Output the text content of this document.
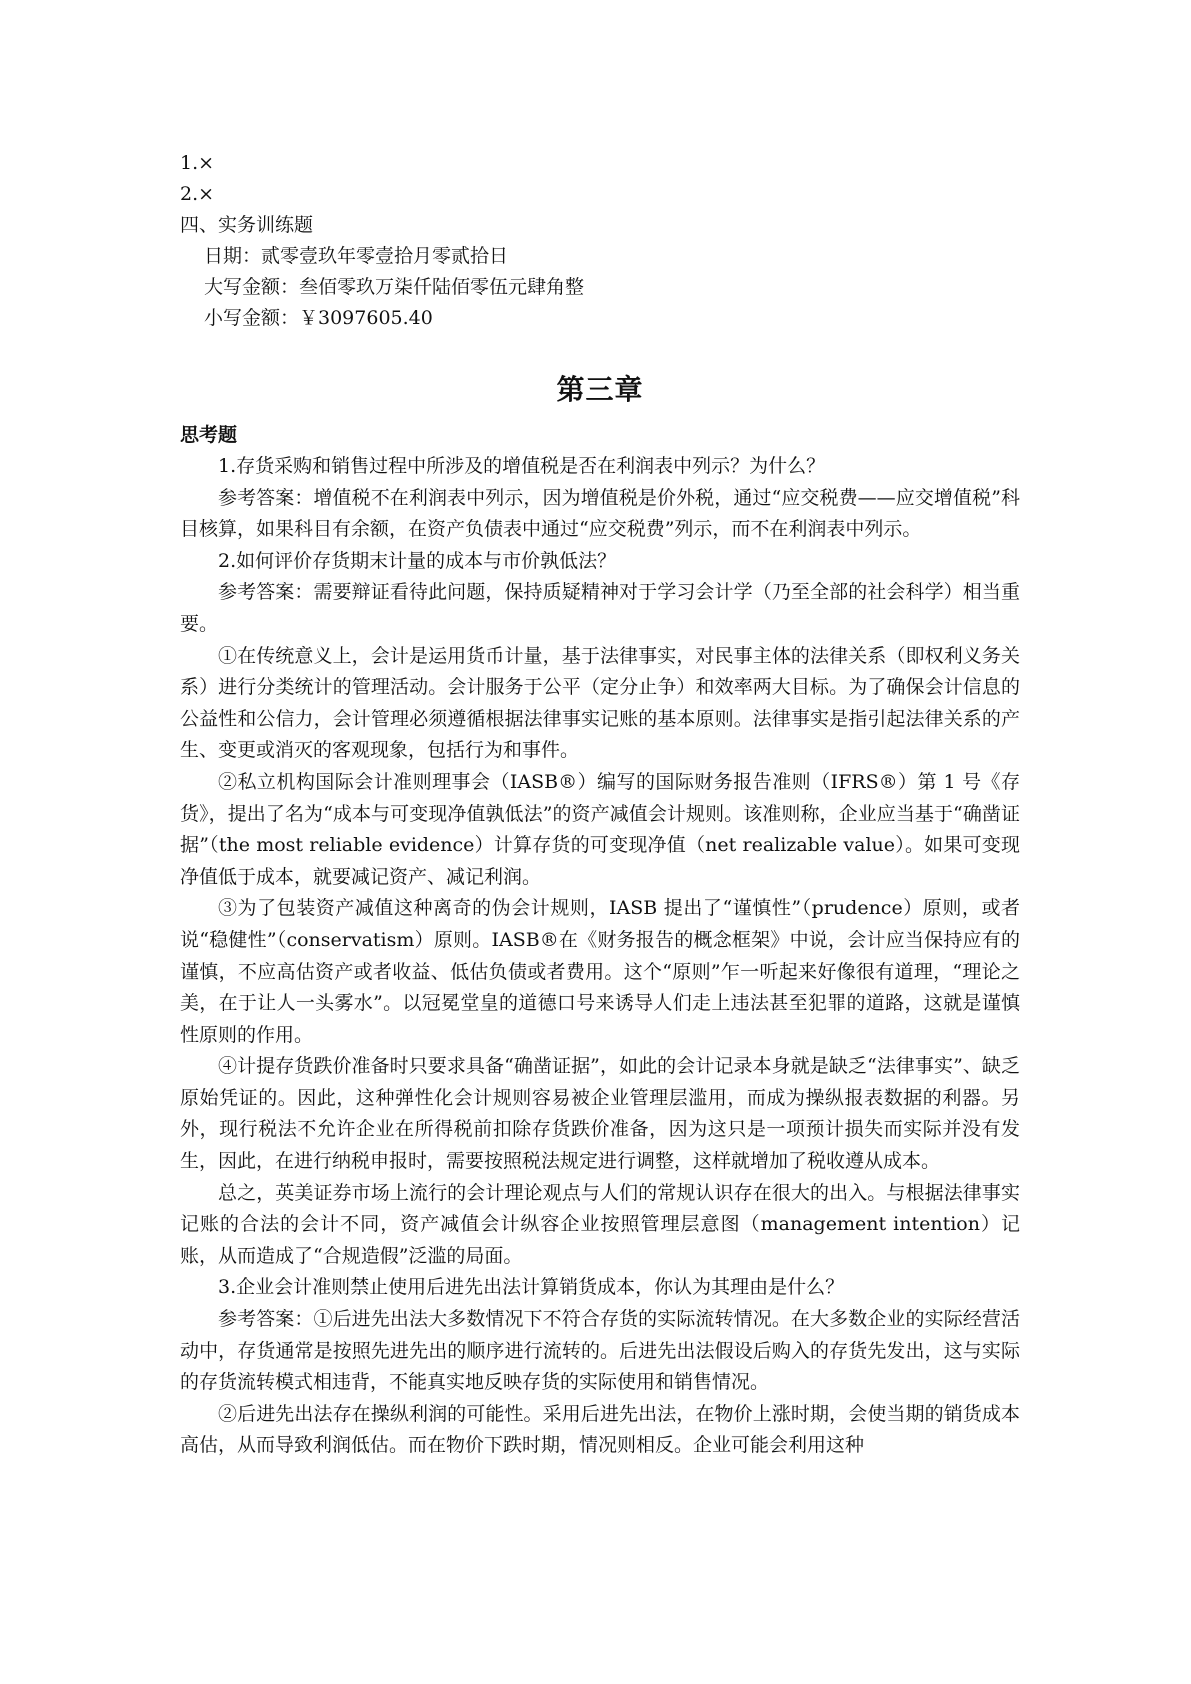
1.×

2.×

四、实务训练题

日期：贰零壹玖年零壹拾月零贰拾日

大写金额：叁佰零玖万柒仟陆佰零伍元肆角整

小写金额：￥3097605.40

第三章

思考题

1.存货采购和销售过程中所涉及的增值税是否在利润表中列示？为什么？

参考答案：增值税不在利润表中列示，因为增值税是价外税，通过“应交税费——应交增值税”科目核算，如果科目有余额，在资产负债表中通过“应交税费”列示，而不在利润表中列示。

2.如何评价存货期末计量的成本与市价孰低法？

参考答案：需要辩证看待此问题，保持质疑精神对于学习会计学（乃至全部的社会科学）相当重要。

①在传统意义上，会计是运用货币计量，基于法律事实，对民事主体的法律关系（即权利义务关系）进行分类统计的管理活动。会计服务于公平（定分止争）和效率两大目标。为了确保会计信息的公益性和公信力，会计管理必须遵循根据法律事实记账的基本原则。法律事实是指引起法律关系的产生、变更或消灭的客观现象，包括行为和事件。

②私立机构国际会计准则理事会（IASB®）编写的国际财务报告准则（IFRS®）第 1 号《存货》，提出了名为“成本与可变现净值孰低法”的资产减值会计规则。该准则称，企业应当基于“确凿证据”（the most reliable evidence）计算存货的可变现净值（net realizable value）。如果可变现净值低于成本，就要减记资产、减记利润。

③为了包装资产减值这种离奇的伪会计规则，IASB 提出了“谨慎性”（prudence）原则，或者说“稳健性”（conservatism）原则。IASB®在《财务报告的概念框架》中说，会计应当保持应有的谨慎，不应高估资产或者收益、低估负债或者费用。这个“原则”乍一听起来好像很有道理，“理论之美，在于让人一头雾水”。以冠冕堂皇的道德口号来诱导人们走上违法甚至犯罪的道路，这就是谨慎性原则的作用。

④计提存货跌价准备时只要求具备“确凿证据”，如此的会计记录本身就是缺乏“法律事实”、缺乏原始凭证的。因此，这种弹性化会计规则容易被企业管理层滥用，而成为操纵报表数据的利器。另外，现行税法不允许企业在所得税前扣除存货跌价准备，因为这只是一项预计损失而实际并没有发生，因此，在进行纳税申报时，需要按照税法规定进行调整，这样就增加了税收遵从成本。

总之，英美证券市场上流行的会计理论观点与人们的常规认识存在很大的出入。与根据法律事实记账的合法的会计不同，资产减值会计纵容企业按照管理层意图（management intention）记账，从而造成了“合规造假”泛滥的局面。

3.企业会计准则禁止使用后进先出法计算销货成本，你认为其理由是什么？

参考答案：①后进先出法大多数情况下不符合存货的实际流转情况。在大多数企业的实际经营活动中，存货通常是按照先进先出的顺序进行流转的。后进先出法假设后购入的存货先发出，这与实际的存货流转模式相违背，不能真实地反映存货的实际使用和销售情况。

②后进先出法存在操纵利润的可能性。采用后进先出法，在物价上涨时期，会使当期的销货成本高估，从而导致利润低估。而在物价下跌时期，情况则相反。企业可能会利用这种
